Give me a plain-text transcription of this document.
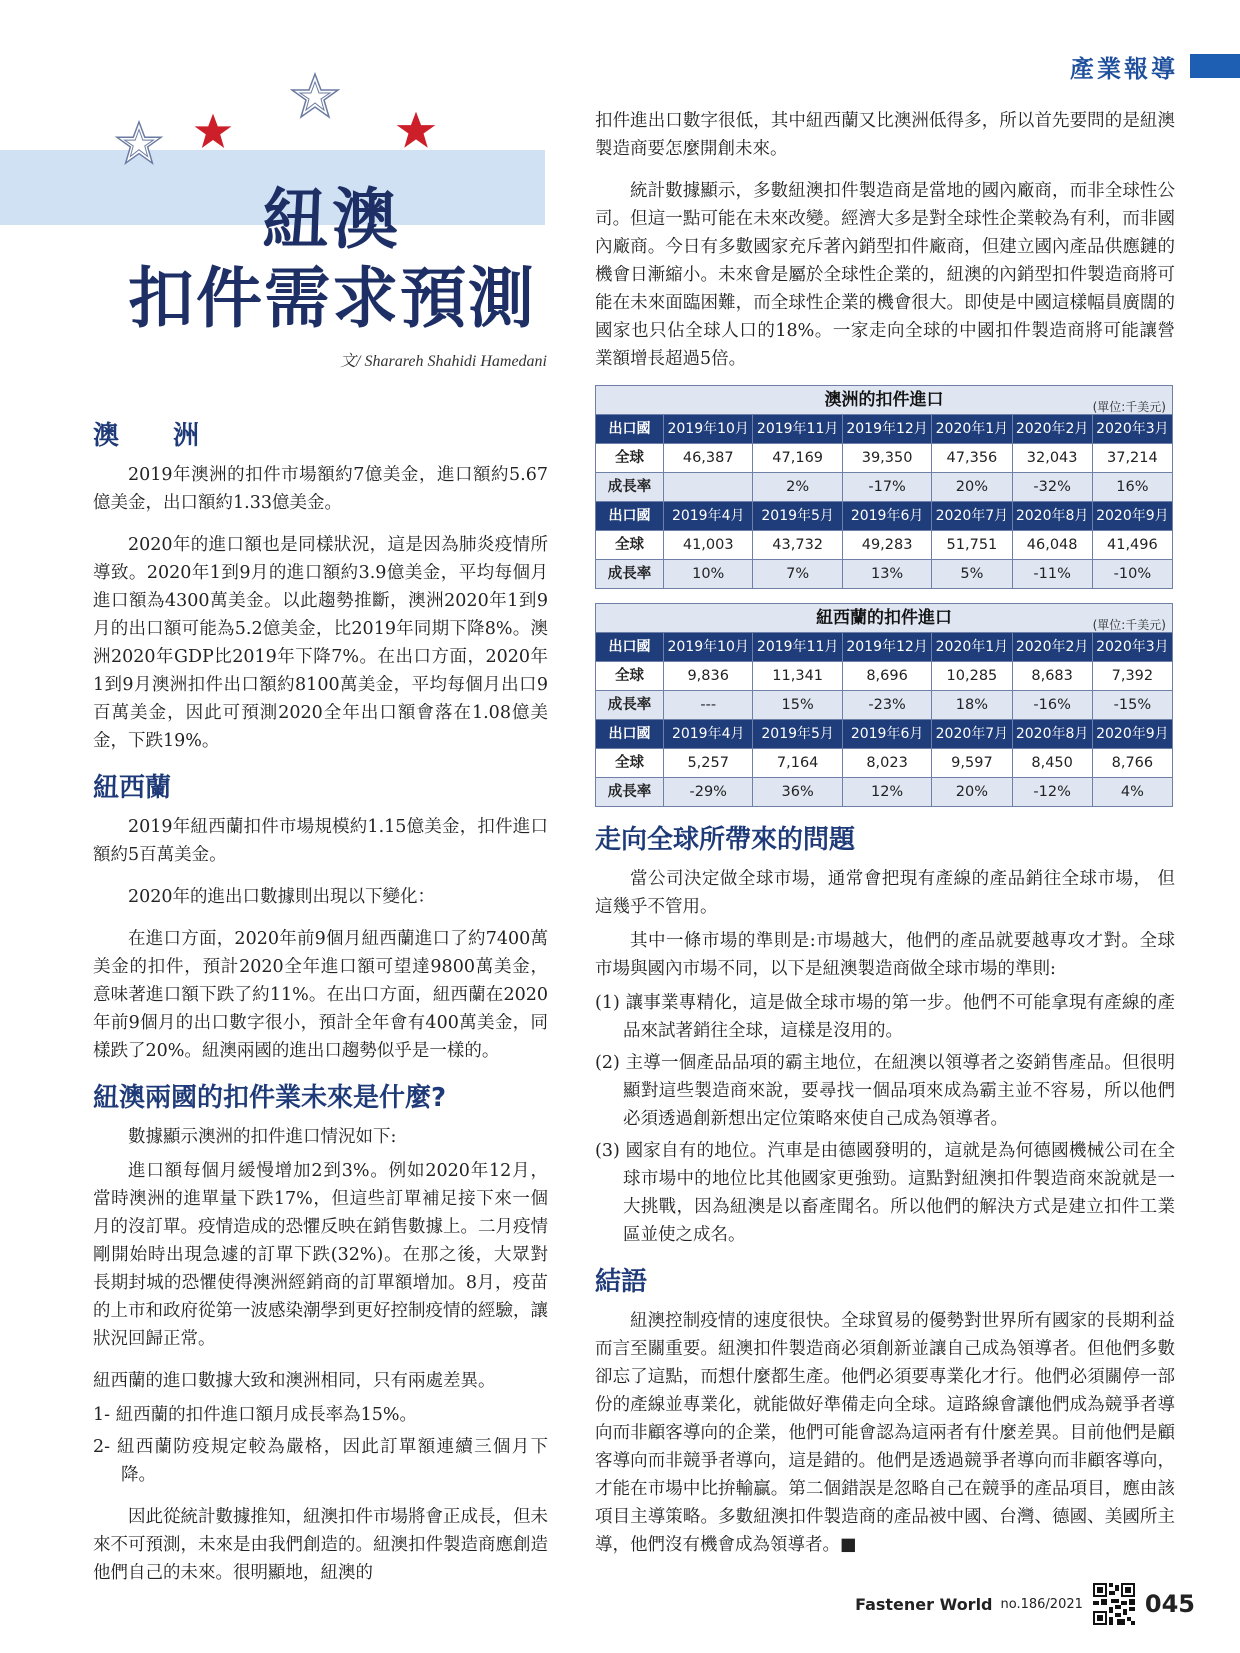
產業報導
紐澳
扣件需求預測
文/ Sharareh Shahidi Hamedani
澳　洲

2019年澳洲的扣件市場額約7億美金，進口額約5.67億美金，出口額約1.33億美金。

2020年的進口額也是同樣狀況，這是因為肺炎疫情所導致。2020年1到9月的進口額約3.9億美金，平均每個月進口額為4300萬美金。以此趨勢推斷，澳洲2020年1到9月的出口額可能為5.2億美金，比2019年同期下降8%。澳洲2020年GDP比2019年下降7%。在出口方面，2020年1到9月澳洲扣件出口額約8100萬美金，平均每個月出口9百萬美金，因此可預測2020全年出口額會落在1.08億美金，下跌19%。

紐西蘭

2019年紐西蘭扣件市場規模約1.15億美金，扣件進口額約5百萬美金。

2020年的進出口數據則出現以下變化：

在進口方面，2020年前9個月紐西蘭進口了約7400萬美金的扣件，預計2020全年進口額可望達9800萬美金，意味著進口額下跌了約11%。在出口方面，紐西蘭在2020年前9個月的出口數字很小，預計全年會有400萬美金，同樣跌了20%。紐澳兩國的進出口趨勢似乎是一樣的。

紐澳兩國的扣件業未來是什麼?

數據顯示澳洲的扣件進口情況如下:

進口額每個月緩慢增加2到3%。例如2020年12月，當時澳洲的進單量下跌17%，但這些訂單補足接下來一個月的沒訂單。疫情造成的恐懼反映在銷售數據上。二月疫情剛開始時出現急遽的訂單下跌(32%)。在那之後，大眾對長期封城的恐懼使得澳洲經銷商的訂單額增加。8月，疫苗的上市和政府從第一波感染潮學到更好控制疫情的經驗，讓狀況回歸正常。

紐西蘭的進口數據大致和澳洲相同，只有兩處差異。

1- 紐西蘭的扣件進口額月成長率為15%。
2- 紐西蘭防疫規定較為嚴格，因此訂單額連續三個月下降。

因此從統計數據推知，紐澳扣件市場將會正成長，但未來不可預測，未來是由我們創造的。紐澳扣件製造商應創造他們自己的未來。很明顯地，紐澳的

扣件進出口數字很低，其中紐西蘭又比澳洲低得多，所以首先要問的是紐澳製造商要怎麼開創未來。

統計數據顯示，多數紐澳扣件製造商是當地的國內廠商，而非全球性公司。但這一點可能在未來改變。經濟大多是對全球性企業較為有利，而非國內廠商。今日有多數國家充斥著內銷型扣件廠商，但建立國內產品供應鏈的機會日漸縮小。未來會是屬於全球性企業的，紐澳的內銷型扣件製造商將可能在未來面臨困難，而全球性企業的機會很大。即使是中國這樣幅員廣闊的國家也只佔全球人口的18%。一家走向全球的中國扣件製造商將可能讓營業額增長超過5倍。

澳洲的扣件進口 (單位:千美元)						

出口國	2019年10月	2019年11月	2019年12月	2020年1月	2020年2月	2020年3月
全球	46,387	47,169	39,350	47,356	32,043	37,214
成長率		2%	-17%	20%	-32%	16%
出口國	2019年4月	2019年5月	2019年6月	2020年7月	2020年8月	2020年9月
全球	41,003	43,732	49,283	51,751	46,048	41,496
成長率	10%	7%	13%	5%	-11%	-10%
紐西蘭的扣件進口 (單位:千美元)						

出口國	2019年10月	2019年11月	2019年12月	2020年1月	2020年2月	2020年3月
全球	9,836	11,341	8,696	10,285	8,683	7,392
成長率	---	15%	-23%	18%	-16%	-15%
出口國	2019年4月	2019年5月	2019年6月	2020年7月	2020年8月	2020年9月
全球	5,257	7,164	8,023	9,597	8,450	8,766
成長率	-29%	36%	12%	20%	-12%	4%
走向全球所帶來的問題

當公司決定做全球市場，通常會把現有產線的產品銷往全球市場， 但這幾乎不管用。

其中一條市場的準則是:市場越大，他們的產品就要越專攻才對。全球市場與國內市場不同，以下是紐澳製造商做全球市場的準則:

(1) 讓事業專精化，這是做全球市場的第一步。他們不可能拿現有產線的產品來試著銷往全球，這樣是沒用的。
(2) 主導一個產品品項的霸主地位，在紐澳以領導者之姿銷售產品。但很明顯對這些製造商來說，要尋找一個品項來成為霸主並不容易，所以他們必須透過創新想出定位策略來使自己成為領導者。
(3) 國家自有的地位。汽車是由德國發明的，這就是為何德國機械公司在全球市場中的地位比其他國家更強勁。這點對紐澳扣件製造商來說就是一大挑戰，因為紐澳是以畜產聞名。所以他們的解決方式是建立扣件工業區並使之成名。
結語

紐澳控制疫情的速度很快。全球貿易的優勢對世界所有國家的長期利益而言至關重要。紐澳扣件製造商必須創新並讓自己成為領導者。但他們多數卻忘了這點，而想什麼都生產。他們必須要專業化才行。他們必須關停一部份的產線並專業化，就能做好準備走向全球。這路線會讓他們成為競爭者導向而非顧客導向的企業，他們可能會認為這兩者有什麼差異。目前他們是顧客導向而非競爭者導向，這是錯的。他們是透過競爭者導向而非顧客導向，才能在市場中比拚輸贏。第二個錯誤是忽略自己在競爭的產品項目，應由該項目主導策略。多數紐澳扣件製造商的產品被中國、台灣、德國、美國所主導，他們沒有機會成為領導者。■

Fastener World no.186/2021	045
